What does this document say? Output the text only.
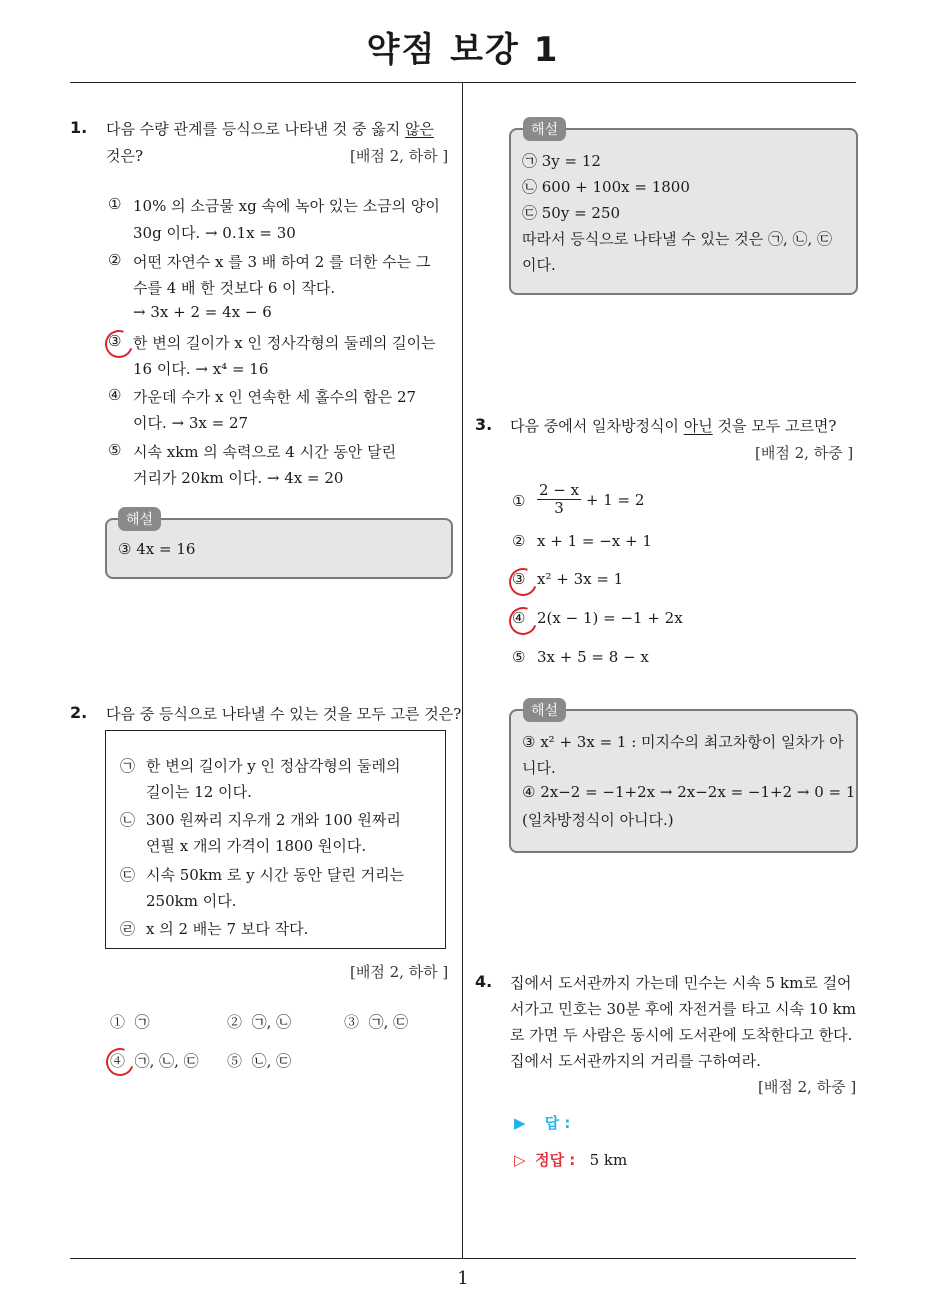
약점 보강 1
1. 다음 수량 관계를 등식으로 나타낸 것 중 옳지 않은
것은?	[배점 2, 하하 ]
① 10% 의 소금물 xg 속에 녹아 있는 소금의 양이
30g 이다. → 0.1x = 30
② 어떤 자연수 x 를 3 배 하여 2 를 더한 수는 그
수를 4 배 한 것보다 6 이 작다.
→ 3x + 2 = 4x − 6
③ 한 변의 길이가 x 인 정사각형의 둘레의 길이는
16 이다. → x⁴ = 16
④ 가운데 수가 x 인 연속한 세 홀수의 합은 27
이다. → 3x = 27
⑤ 시속 xkm 의 속력으로 4 시간 동안 달린
거리가 20km 이다. → 4x = 20
해설
③ 4x = 16
2. 다음 중 등식으로 나타낼 수 있는 것을 모두 고른 것은?
㉠ 한 변의 길이가 y 인 정삼각형의 둘레의
길이는 12 이다.
㉡ 300 원짜리 지우개 2 개와 100 원짜리
연필 x 개의 가격이 1800 원이다.
㉢ 시속 50km 로 y 시간 동안 달린 거리는
250km 이다.
㉣ x 의 2 배는 7 보다 작다.
[배점 2, 하하 ]
① ㉠	② ㉠, ㉡	③ ㉠, ㉢
④ ㉠, ㉡, ㉢ ⑤ ㉡, ㉢
해설
㉠ 3y = 12
㉡ 600 + 100x = 1800
㉢ 50y = 250
따라서 등식으로 나타낼 수 있는 것은 ㉠, ㉡, ㉢
이다.
3. 다음 중에서 일차방정식이 아닌 것을 모두 고르면?
[배점 2, 하중 ]
① $\frac{2 - x}{3} + 1 = 2$
② x + 1 = −x + 1
③ x² + 3x = 1
④ 2(x − 1) = −1 + 2x
⑤ 3x + 5 = 8 − x
해설
③ x² + 3x = 1 : 미지수의 최고차항이 일차가 아
니다.
④ 2x−2 = −1+2x → 2x−2x = −1+2 → 0 = 1
(일차방정식이 아니다.)
4. 집에서 도서관까지 가는데 민수는 시속 5 km로 걸어
서가고 민호는 30분 후에 자전거를 타고 시속 10 km
로 가면 두 사람은 동시에 도서관에 도착한다고 한다.
집에서 도서관까지의 거리를 구하여라.
[배점 2, 하중 ]
▶ 답 :
▷ 정답 : 5 km
1
